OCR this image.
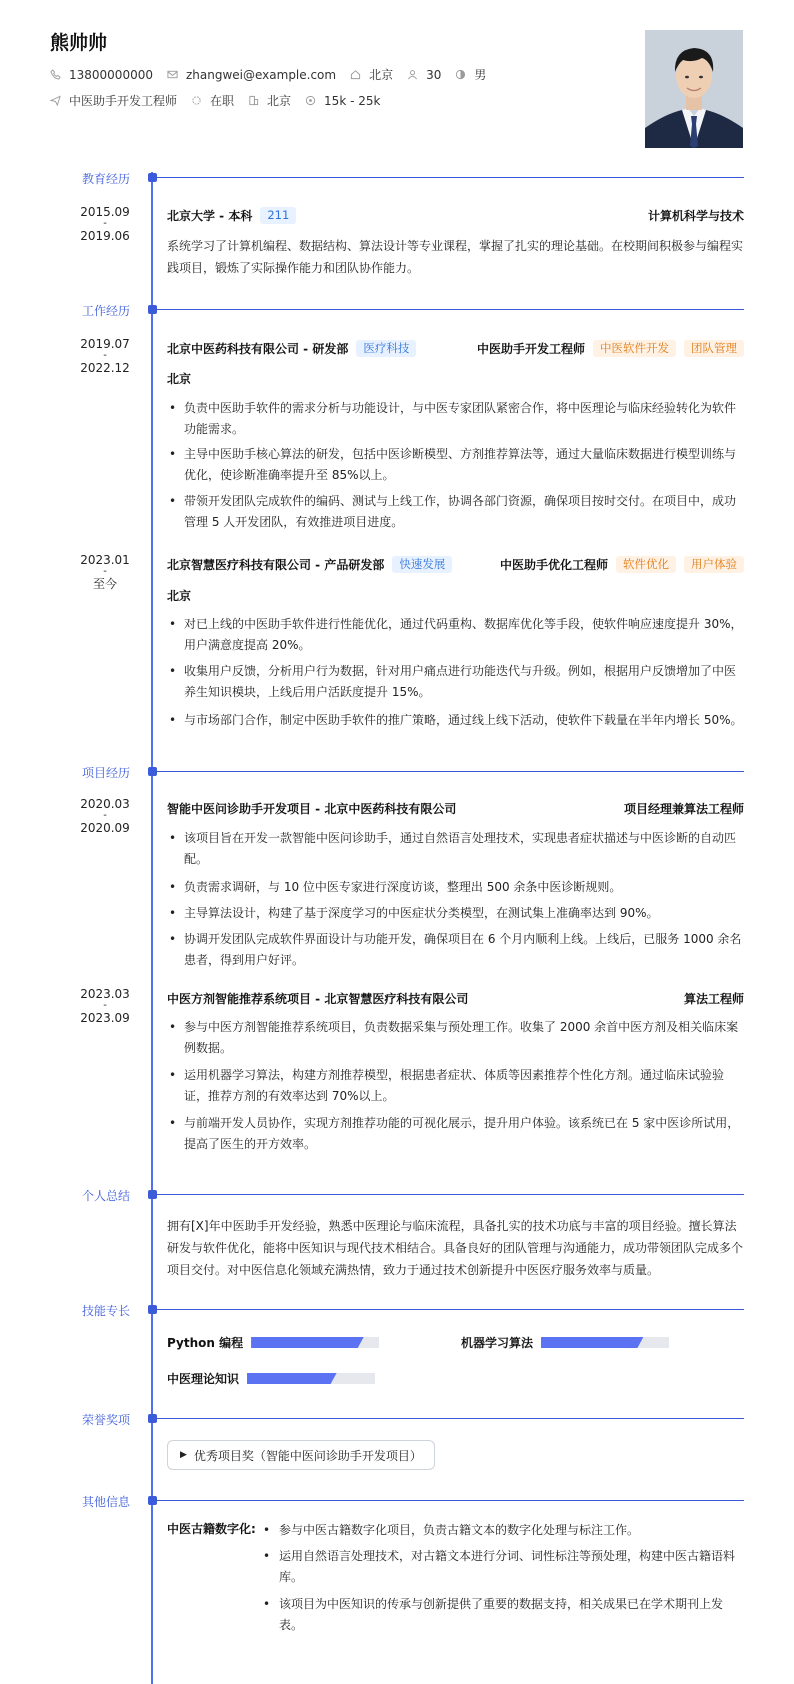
熊帅帅
13800000000	zhangwei@example.com	北京	30	男
中医助手开发工程师	在职	北京	15k - 25k
教育经历
2015.09
-
2019.06
北京大学 - 本科	211	计算机科学与技术
系统学习了计算机编程、数据结构、算法设计等专业课程，掌握了扎实的理论基础。在校期间积极参与编程实践项目，锻炼了实际操作能力和团队协作能力。
工作经历
2019.07
-
2022.12
北京中医药科技有限公司 - 研发部	医疗科技	中医助手开发工程师	中医软件开发	团队管理
北京
• 负责中医助手软件的需求分析与功能设计，与中医专家团队紧密合作，将中医理论与临床经验转化为软件功能需求。
• 主导中医助手核心算法的研发，包括中医诊断模型、方剂推荐算法等，通过大量临床数据进行模型训练与优化，使诊断准确率提升至 85%以上。
• 带领开发团队完成软件的编码、测试与上线工作，协调各部门资源，确保项目按时交付。在项目中，成功管理 5 人开发团队，有效推进项目进度。
2023.01
-
至今
北京智慧医疗科技有限公司 - 产品研发部	快速发展	中医助手优化工程师	软件优化	用户体验
北京
• 对已上线的中医助手软件进行性能优化，通过代码重构、数据库优化等手段，使软件响应速度提升 30%，用户满意度提高 20%。
• 收集用户反馈，分析用户行为数据，针对用户痛点进行功能迭代与升级。例如，根据用户反馈增加了中医养生知识模块，上线后用户活跃度提升 15%。
• 与市场部门合作，制定中医助手软件的推广策略，通过线上线下活动，使软件下载量在半年内增长 50%。
项目经历
2020.03
-
2020.09
智能中医问诊助手开发项目 - 北京中医药科技有限公司	项目经理兼算法工程师
• 该项目旨在开发一款智能中医问诊助手，通过自然语言处理技术，实现患者症状描述与中医诊断的自动匹配。
• 负责需求调研，与 10 位中医专家进行深度访谈，整理出 500 余条中医诊断规则。
• 主导算法设计，构建了基于深度学习的中医症状分类模型，在测试集上准确率达到 90%。
• 协调开发团队完成软件界面设计与功能开发，确保项目在 6 个月内顺利上线。上线后，已服务 1000 余名患者，得到用户好评。
2023.03
-
2023.09
中医方剂智能推荐系统项目 - 北京智慧医疗科技有限公司	算法工程师
• 参与中医方剂智能推荐系统项目，负责数据采集与预处理工作。收集了 2000 余首中医方剂及相关临床案例数据。
• 运用机器学习算法，构建方剂推荐模型，根据患者症状、体质等因素推荐个性化方剂。通过临床试验验证，推荐方剂的有效率达到 70%以上。
• 与前端开发人员协作，实现方剂推荐功能的可视化展示，提升用户体验。该系统已在 5 家中医诊所试用，提高了医生的开方效率。
个人总结
拥有[X]年中医助手开发经验，熟悉中医理论与临床流程，具备扎实的技术功底与丰富的项目经验。擅长算法研发与软件优化，能将中医知识与现代技术相结合。具备良好的团队管理与沟通能力，成功带领团队完成多个项目交付。对中医信息化领域充满热情，致力于通过技术创新提升中医医疗服务效率与质量。
技能专长
Python 编程	机器学习算法
中医理论知识
荣誉奖项
▶ 优秀项目奖（智能中医问诊助手开发项目）
其他信息
中医古籍数字化:
•	参与中医古籍数字化项目，负责古籍文本的数字化处理与标注工作。
• 运用自然语言处理技术，对古籍文本进行分词、词性标注等预处理，构建中医古籍语料库。
• 该项目为中医知识的传承与创新提供了重要的数据支持，相关成果已在学术期刊上发表。
